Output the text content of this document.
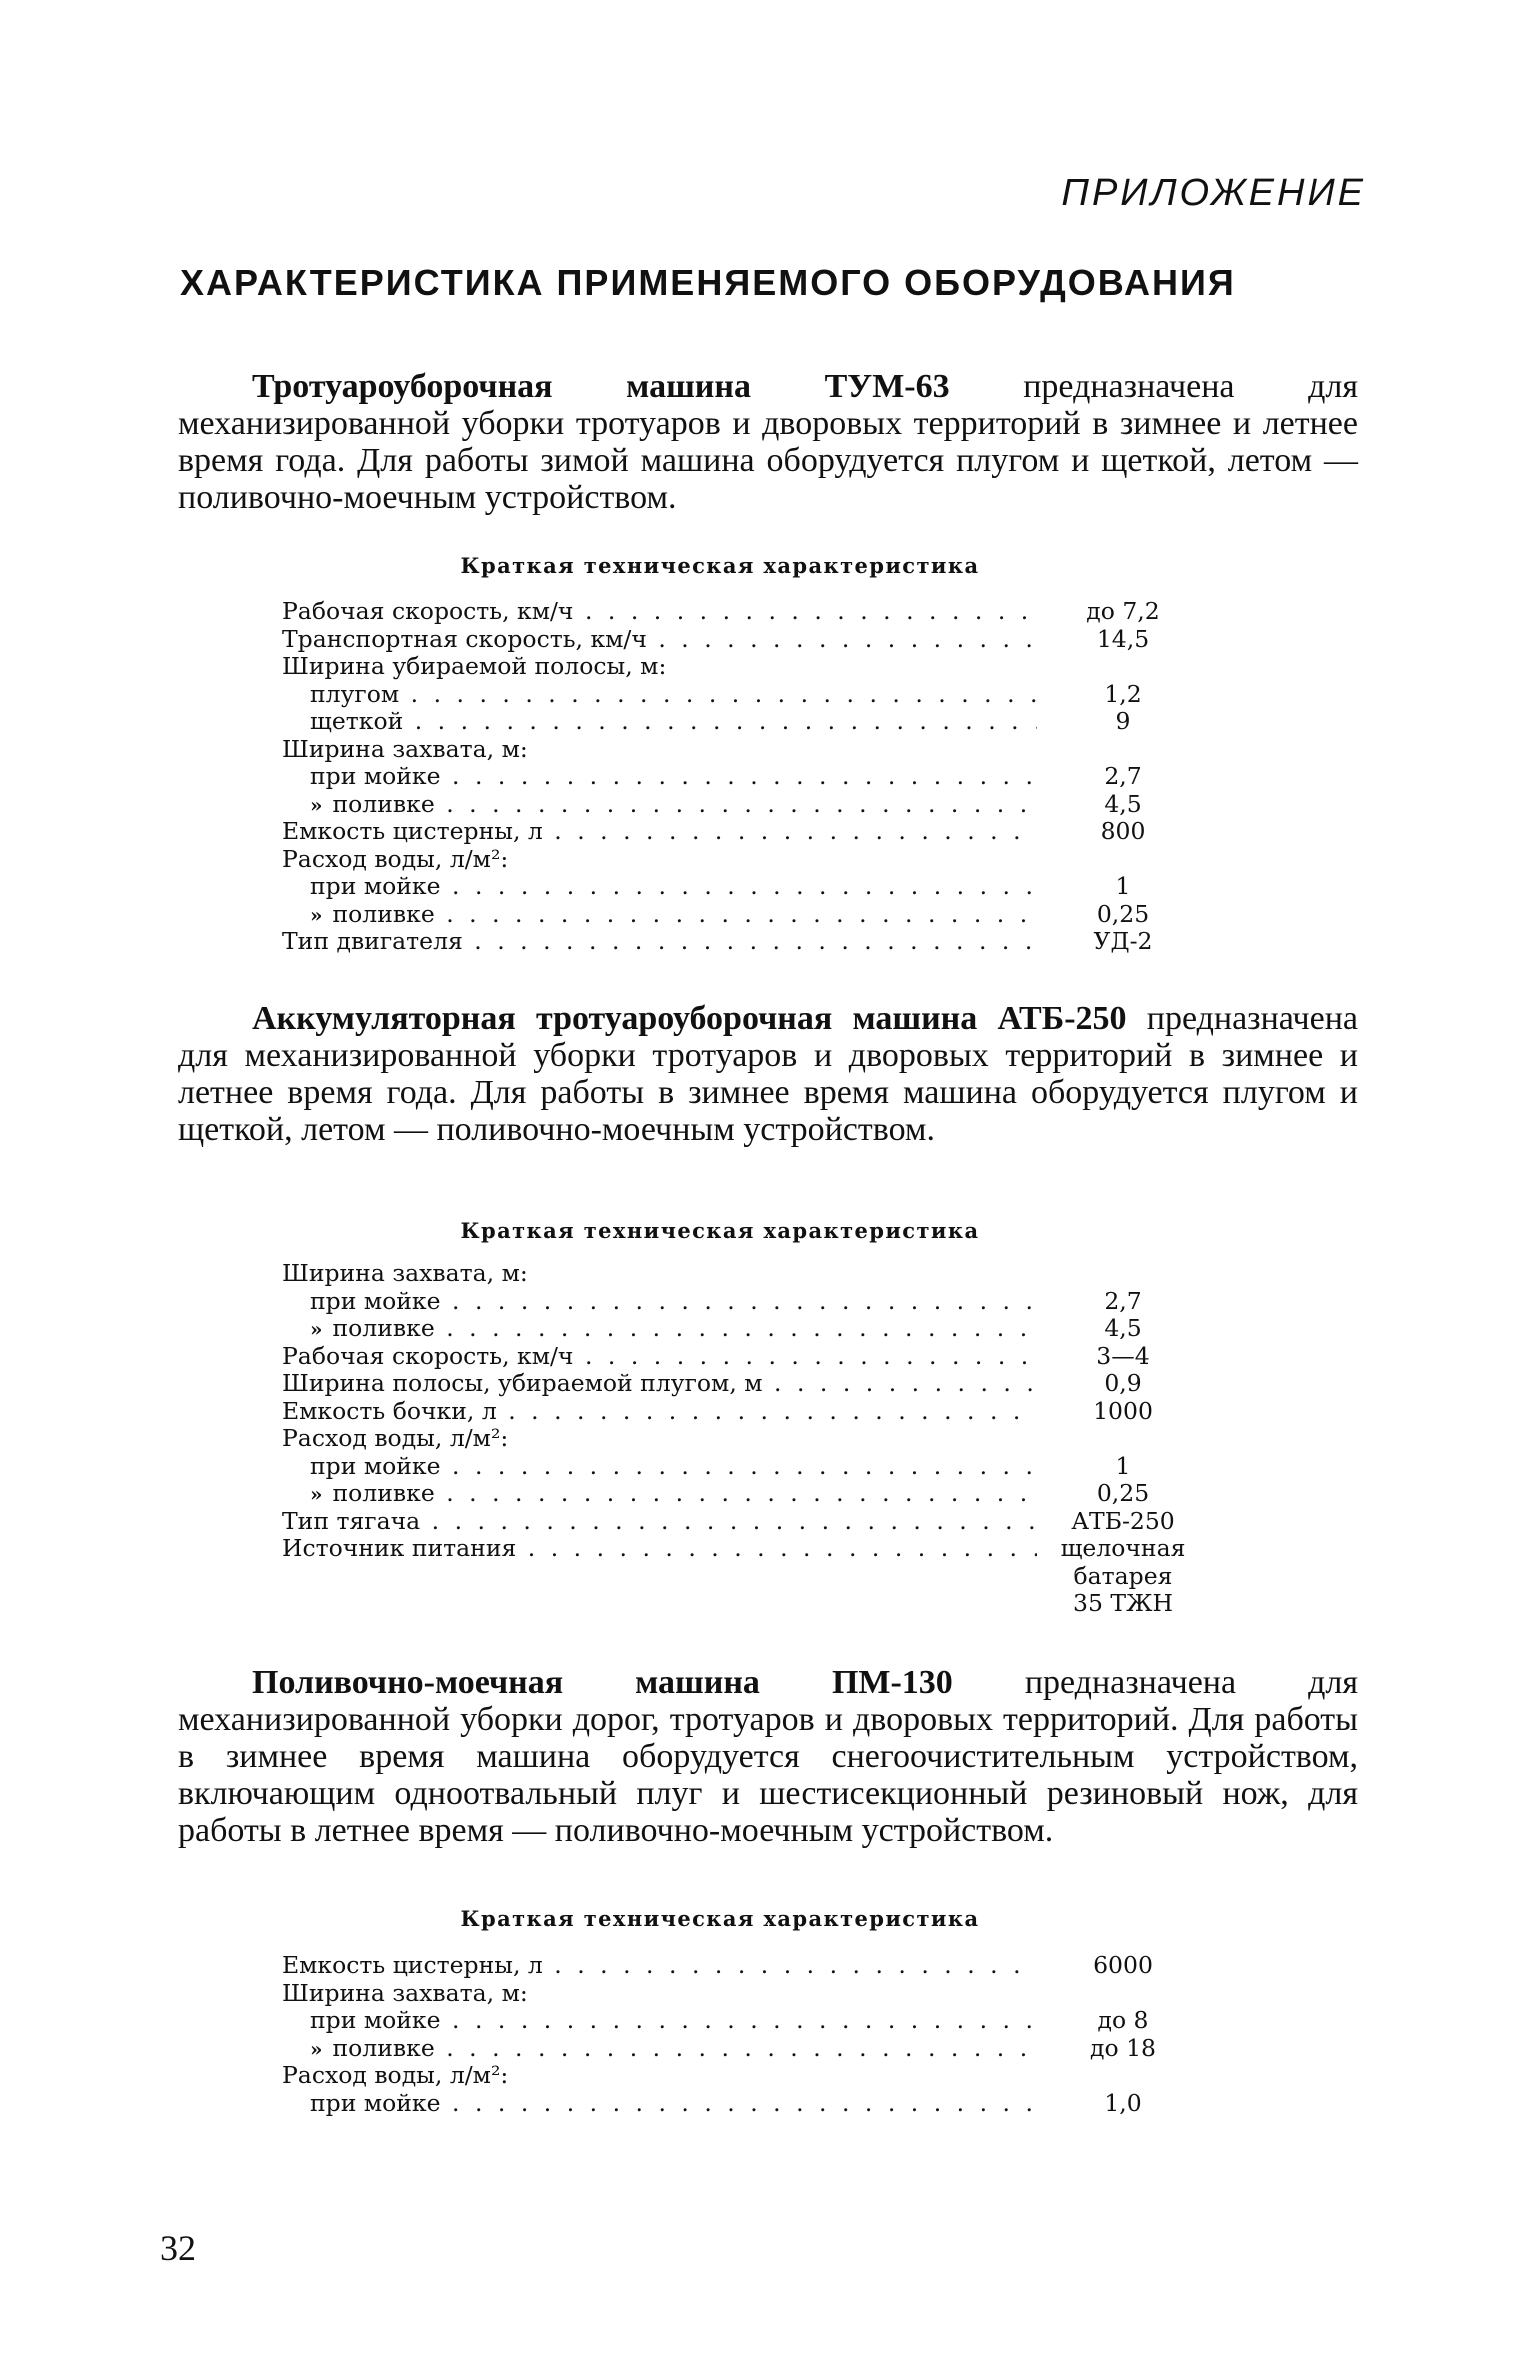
ПРИЛОЖЕНИЕ
ХАРАКТЕРИСТИКА ПРИМЕНЯЕМОГО ОБОРУДОВАНИЯ

Тротуароуборочная машина ТУМ-63 предназначена для механизированной уборки тротуаров и дворовых территорий в зимнее и летнее время года. Для работы зимой машина оборудуется плугом и щеткой, летом — поливочно-моечным устройством.

Краткая техническая характеристика
Рабочая скорость, км/ч . . .	до 7,2
Транспортная скорость, км/ч . . .	14,5
Ширина убираемой полосы, м:
плугом . . .	1,2
щеткой . . .	9
Ширина захвата, м:
при мойке . . .	2,7
» поливке . . .	4,5
Емкость цистерны, л . . .	800
Расход воды, л/м²:
при мойке . . .	1
» поливке . . .	0,25
Тип двигателя . . .	УД-2

Аккумуляторная тротуароуборочная машина АТБ-250 предназначена для механизированной уборки тротуаров и дворовых территорий в зимнее и летнее время года. Для работы в зимнее время машина оборудуется плугом и щеткой, летом — поливочно-моечным устройством.

Краткая техническая характеристика
Ширина захвата, м:
при мойке . . .	2,7
» поливке . . .	4,5
Рабочая скорость, км/ч . . .	3—4
Ширина полосы, убираемой плугом, м . . .	0,9
Емкость бочки, л . . .	1000
Расход воды, л/м²:
при мойке . . .	1
» поливке . . .	0,25
Тип тягача . . .	АТБ-250
Источник питания . . .	щелочная
батарея
35 ТЖН

Поливочно-моечная машина ПМ-130 предназначена для механизированной уборки дорог, тротуаров и дворовых территорий. Для работы в зимнее время машина оборудуется снегоочистительным устройством, включающим одноотвальный плуг и шестисекционный резиновый нож, для работы в летнее время — поливочно-моечным устройством.

Краткая техническая характеристика
Емкость цистерны, л . . .	6000
Ширина захвата, м:
при мойке . . .	до 8
» поливке . . .	до 18
Расход воды, л/м²:
при мойке . . .	1,0
32
